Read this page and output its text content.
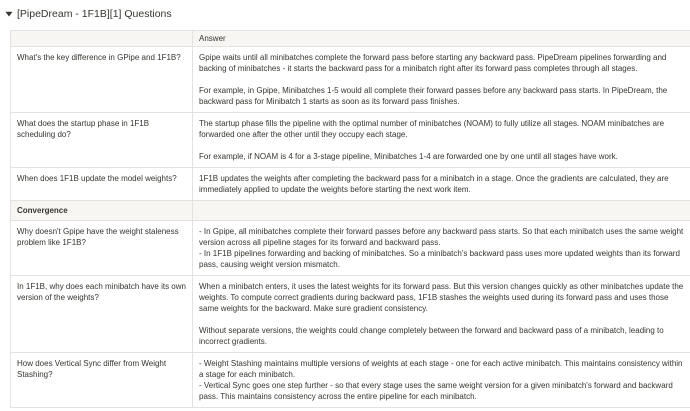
[PipeDream - 1F1B][1] Questions
	Answer
What's the key difference in GPipe and 1F1B?	Gpipe waits until all minibatches complete the forward pass before starting any backward pass. PipeDream pipelines forwarding and backing of minibatches - it starts the backward pass for a minibatch right after its forward pass completes through all stages.
For example, in Gpipe, Minibatches 1-5 would all complete their forward passes before any backward pass starts. In PipeDream, the backward pass for Minibatch 1 starts as soon as its forward pass finishes.

What does the startup phase in 1F1B scheduling do?	The startup phase fills the pipeline with the optimal number of minibatches (NOAM) to fully utilize all stages. NOAM minibatches are forwarded one after the other until they occupy each stage.
For example, if NOAM is 4 for a 3-stage pipeline, Minibatches 1-4 are forwarded one by one until all stages have work.

When does 1F1B update the model weights?	1F1B updates the weights after completing the backward pass for a minibatch in a stage. Once the gradients are calculated, they are immediately applied to update the weights before starting the next work item.

Convergence	
Why doesn't Gpipe have the weight staleness problem like 1F1B?	- In Gpipe, all minibatches complete their forward passes before any backward pass starts. So that each minibatch uses the same weight version across all pipeline stages for its forward and backward pass.
- In 1F1B pipelines forwarding and backing of minibatches. So a minibatch's backward pass uses more updated weights than its forward pass, causing weight version mismatch.

In 1F1B, why does each minibatch have its own version of the weights?	When a minibatch enters, it uses the latest weights for its forward pass. But this version changes quickly as other minibatches update the weights. To compute correct gradients during backward pass, 1F1B stashes the weights used during its forward pass and uses those same weights for the backward. Make sure gradient consistency.
Without separate versions, the weights could change completely between the forward and backward pass of a minibatch, leading to incorrect gradients.

How does Vertical Sync differ from Weight Stashing?	- Weight Stashing maintains multiple versions of weights at each stage - one for each active minibatch. This maintains consistency within a stage for each minibatch.
- Vertical Sync goes one step further - so that every stage uses the same weight version for a given minibatch's forward and backward pass. This maintains consistency across the entire pipeline for each minibatch.
